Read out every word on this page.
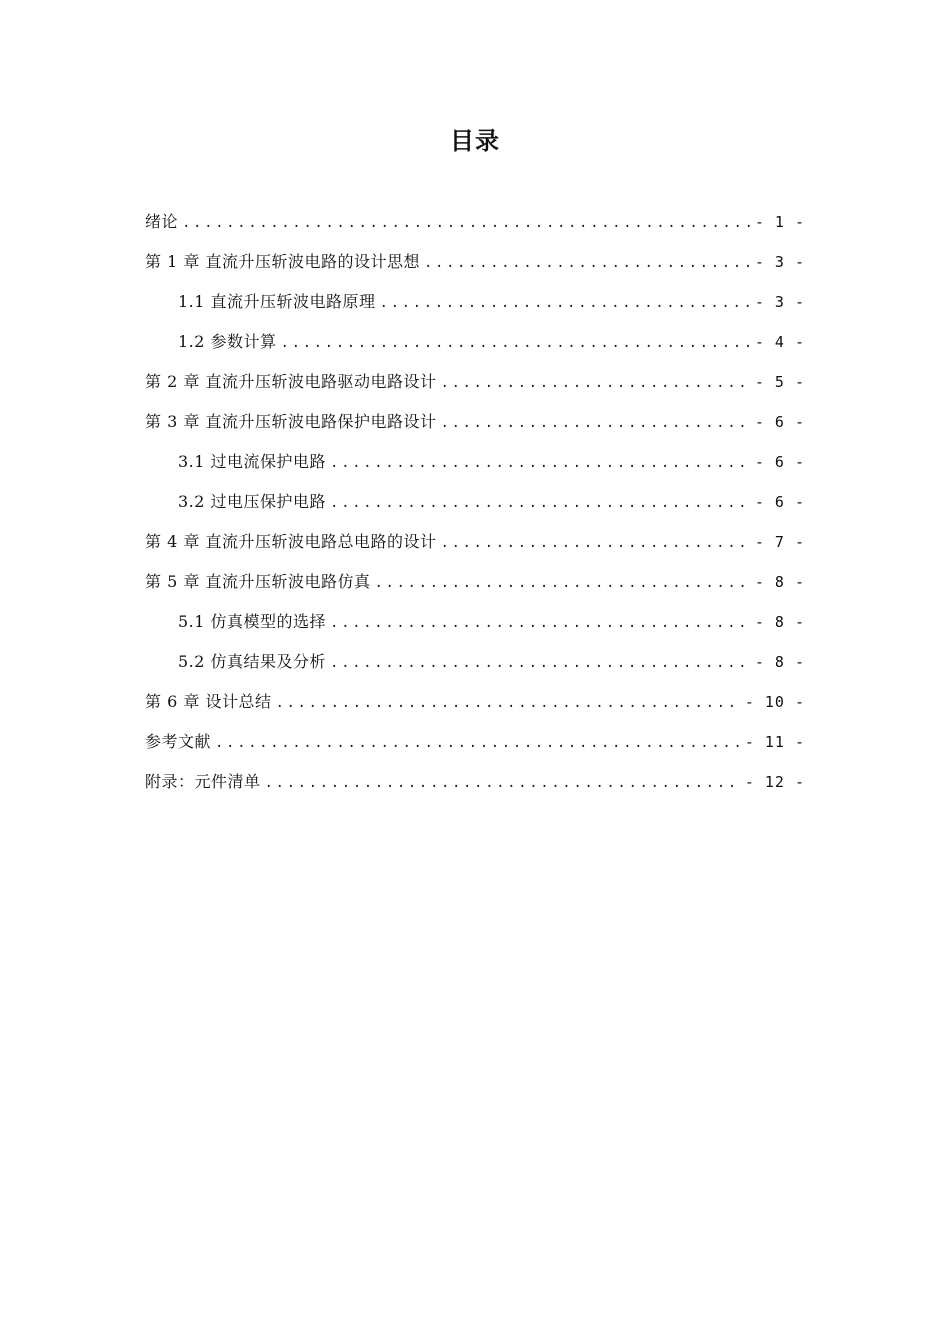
目录
绪论 .....	- 1 -
第 1 章 直流升压斩波电路的设计思想 .....	- 3 -
1.1 直流升压斩波电路原理 .....	- 3 -
1.2 参数计算 .....	- 4 -
第 2 章 直流升压斩波电路驱动电路设计 .....	- 5 -
第 3 章 直流升压斩波电路保护电路设计 .....	- 6 -
3.1 过电流保护电路 .....	- 6 -
3.2 过电压保护电路 .....	- 6 -
第 4 章 直流升压斩波电路总电路的设计 .....	- 7 -
第 5 章 直流升压斩波电路仿真 .....	- 8 -
5.1 仿真模型的选择 .....	- 8 -
5.2 仿真结果及分析 .....	- 8 -
第 6 章 设计总结 .....	- 10 -
参考文献 .....	- 11 -
附录：元件清单 .....	- 12 -
